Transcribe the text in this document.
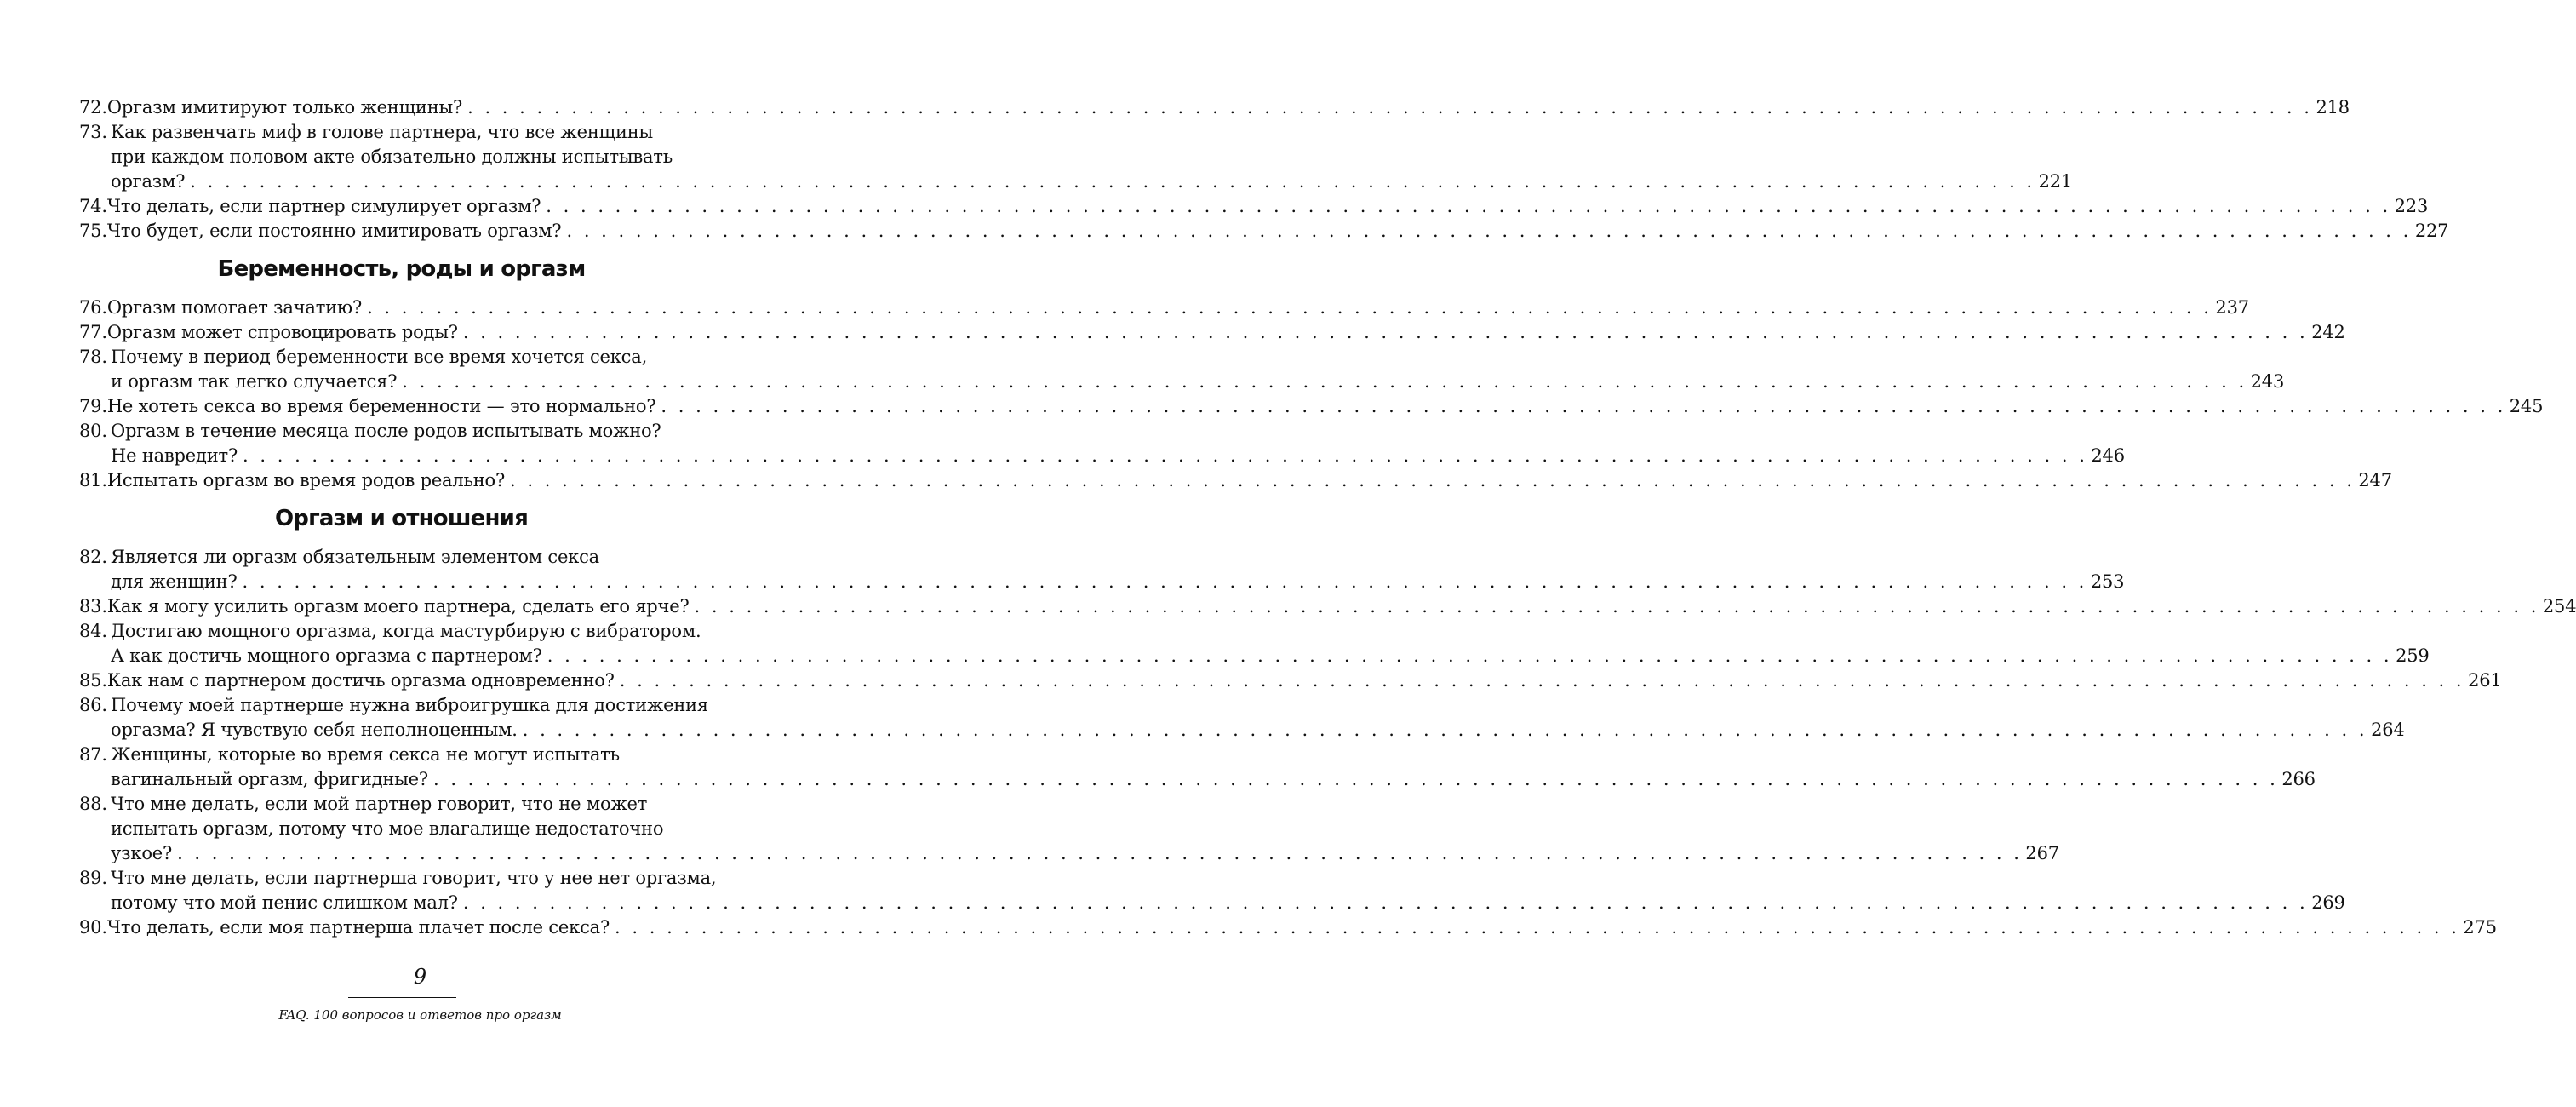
72. Оргазм имитируют только женщины? . . .	218
73. Как развенчать миф в голове партнера, что все женщины
при каждом половом акте обязательно должны испытывать
оргазм? . . .	221
74. Что делать, если партнер симулирует оргазм? . . .	223
75. Что будет, если постоянно имитировать оргазм? . . .	227
Беременность, роды и оргазм
76. Оргазм помогает зачатию? . . .	237
77. Оргазм может спровоцировать роды? . . .	242
78. Почему в период беременности все время хочется секса,
и оргазм так легко случается? . . .	243
79. Не хотеть секса во время беременности — это нормально? . . .	245
80. Оргазм в течение месяца после родов испытывать можно?
Не навредит? . . .	246
81. Испытать оргазм во время родов реально? . . .	247
Оргазм и отношения
82. Является ли оргазм обязательным элементом секса
для женщин? . . .	253
83. Как я могу усилить оргазм моего партнера, сделать его ярче? . . .	254
84. Достигаю мощного оргазма, когда мастурбирую с вибратором.
А как достичь мощного оргазма с партнером? . . .	259
85. Как нам с партнером достичь оргазма одновременно? . . .	261
86. Почему моей партнерше нужна виброигрушка для достижения
оргазма? Я чувствую себя неполноценным. . . .	264
87. Женщины, которые во время секса не могут испытать
вагинальный оргазм, фригидные? . . .	266
88. Что мне делать, если мой партнер говорит, что не может
испытать оргазм, потому что мое влагалище недостаточно
узкое? . . .	267
89. Что мне делать, если партнерша говорит, что у нее нет оргазма,
потому что мой пенис слишком мал? . . .	269
90. Что делать, если моя партнерша плачет после секса? . . .	275
9
FAQ. 100 вопросов и ответов про оргазм
